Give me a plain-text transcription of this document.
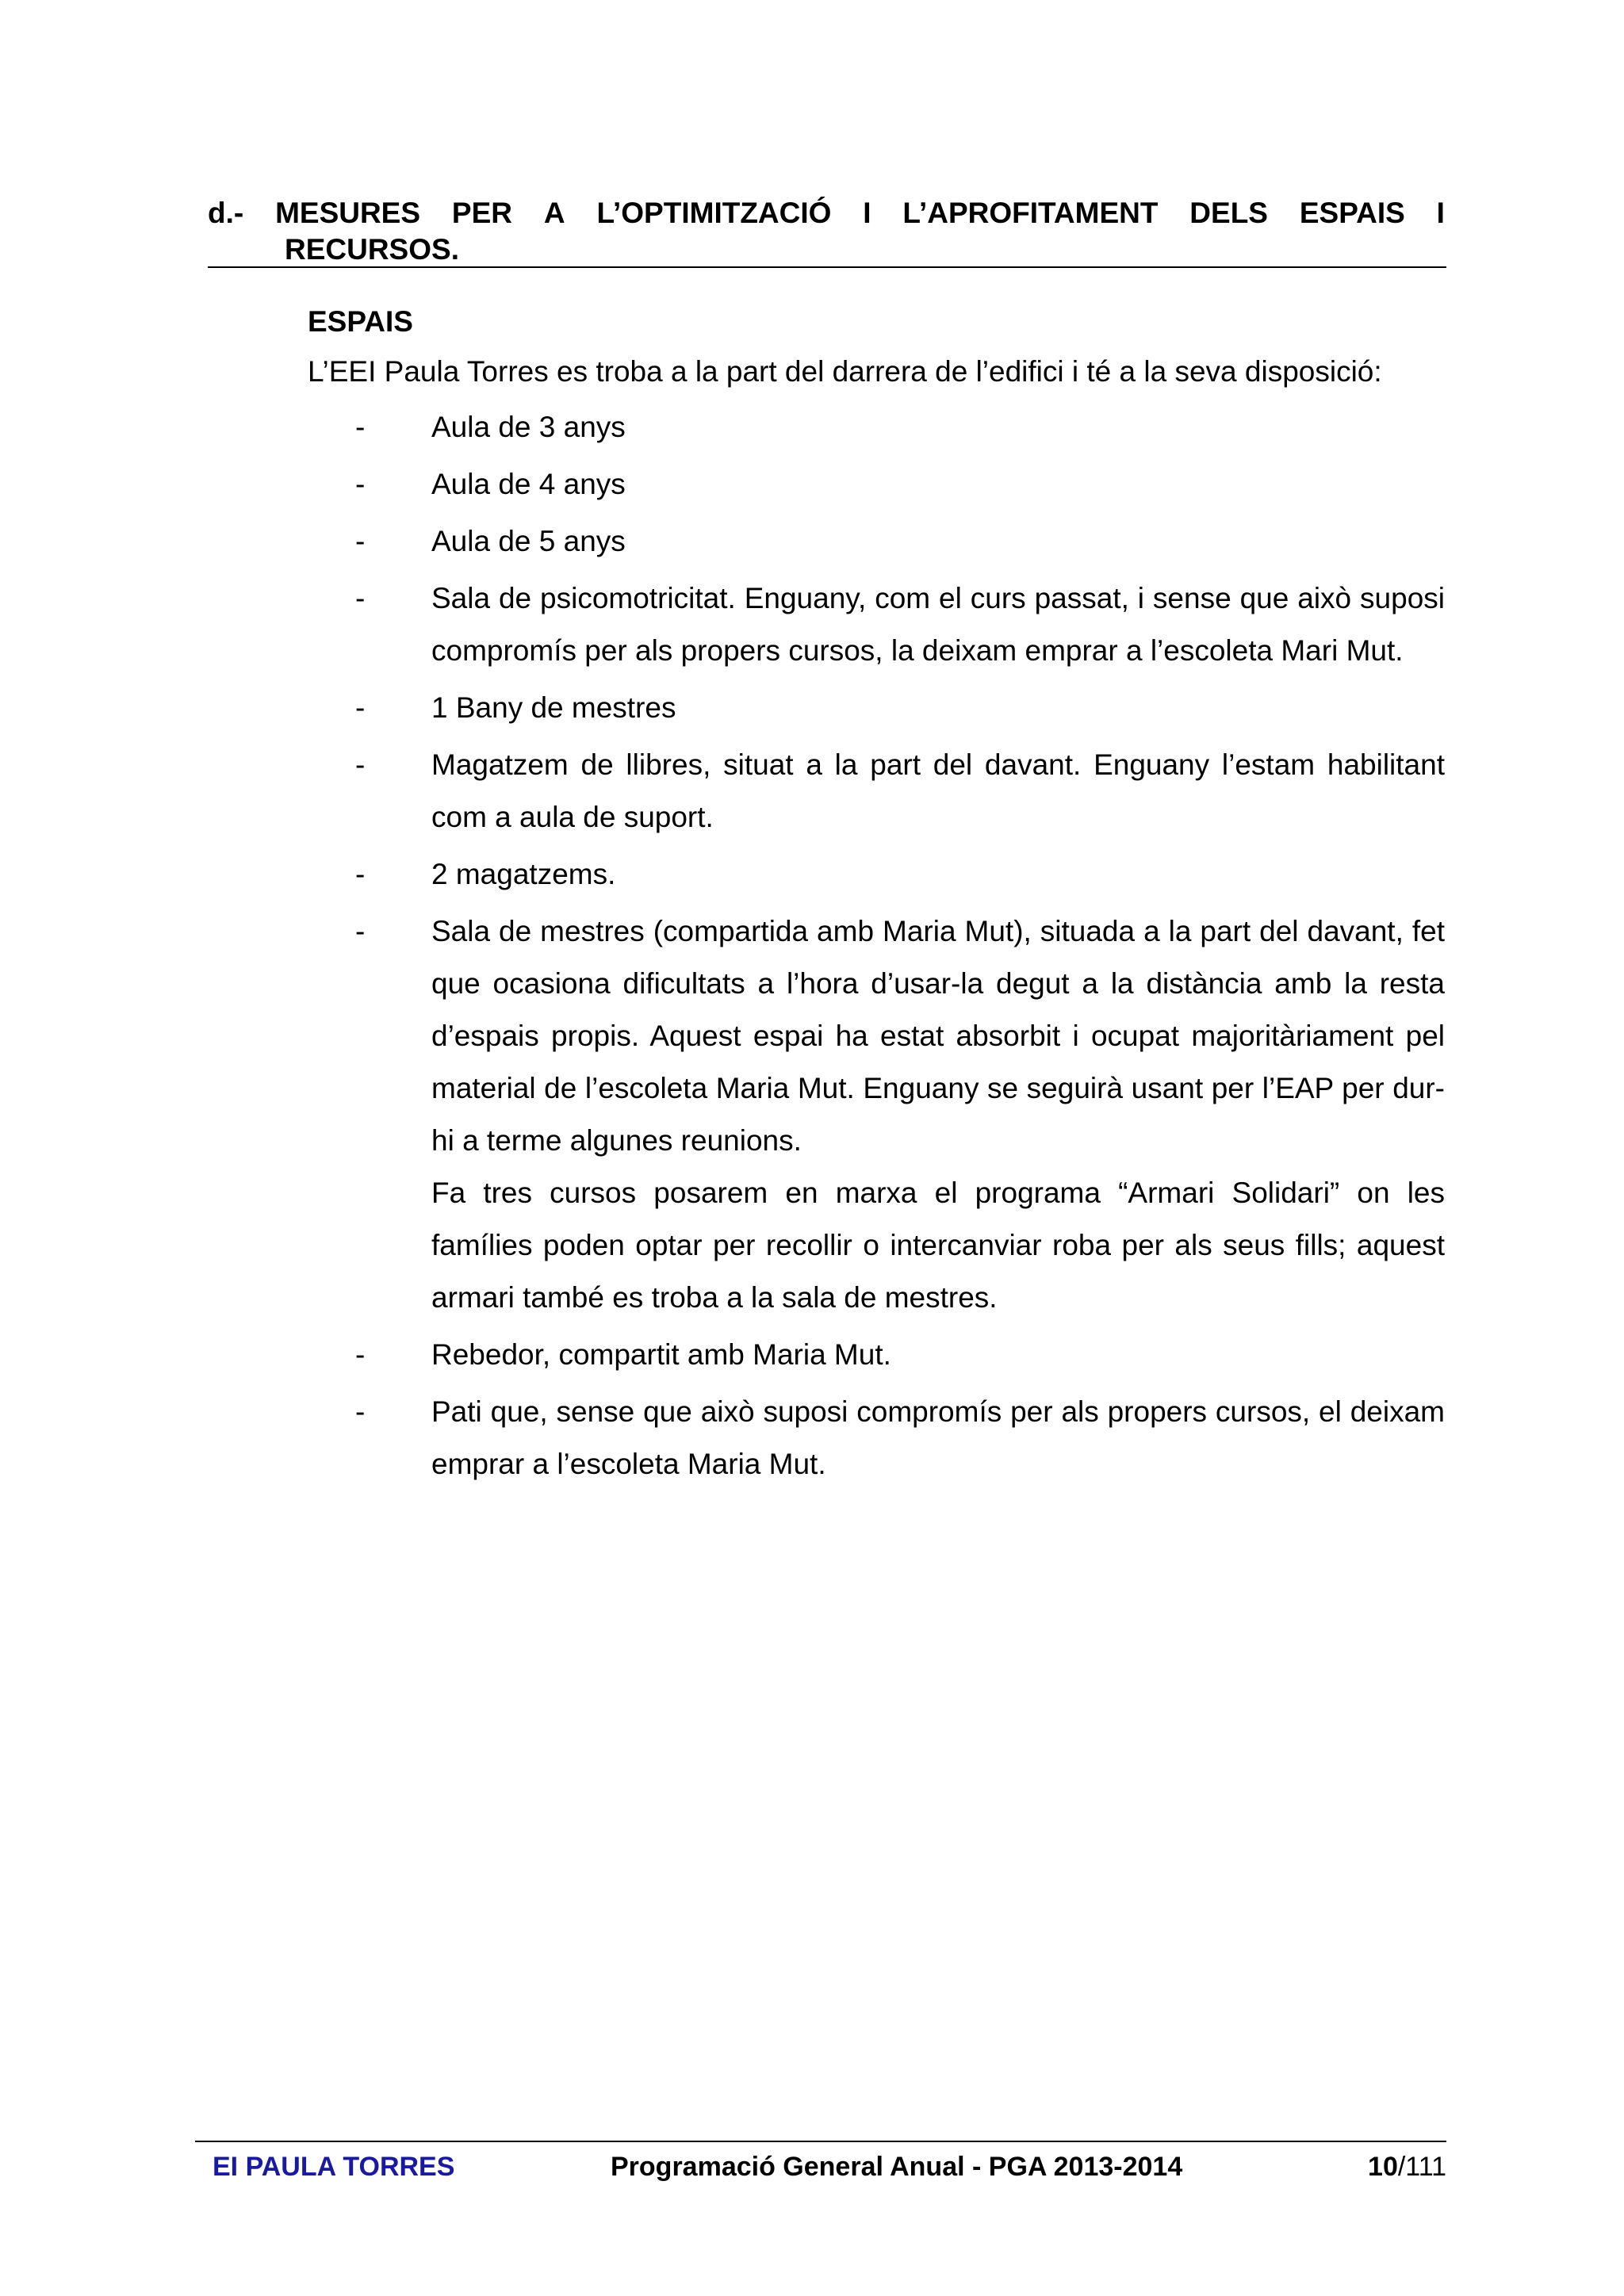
d.- MESURES PER A L’OPTIMITZACIÓ I L’APROFITAMENT DELS ESPAIS I
RECURSOS.
ESPAIS
L’EEI Paula Torres es troba a la part del darrera de l’edifici i té a la seva disposició:
-	Aula de 3 anys

-	Aula de 4 anys

-	Aula de 5 anys

-	Sala de psicomotricitat. Enguany, com el curs passat, i sense que això suposi compromís per als propers cursos, la deixam emprar a l’escoleta Mari Mut.

-	1 Bany de mestres

-	Magatzem de llibres, situat a la part del davant. Enguany l’estam habilitant com a aula de suport.

-	2 magatzems.

-	Sala de mestres (compartida amb Maria Mut), situada a la part del davant, fet que ocasiona dificultats a l’hora d’usar-la degut a la distància amb la resta d’espais propis. Aquest espai ha estat absorbit i ocupat majoritàriament pel material de l’escoleta Maria Mut. Enguany se seguirà usant per l’EAP per dur-hi a terme algunes reunions.

Fa tres cursos posarem en marxa el programa “Armari Solidari” on les famílies poden optar per recollir o intercanviar roba per als seus fills; aquest armari també es troba a la sala de mestres.

-	Rebedor, compartit amb Maria Mut.

-	Pati que, sense que això suposi compromís per als propers cursos, el deixam emprar a l’escoleta Maria Mut.

EI PAULA TORRES	Programació General Anual - PGA 2013-2014	10/111
